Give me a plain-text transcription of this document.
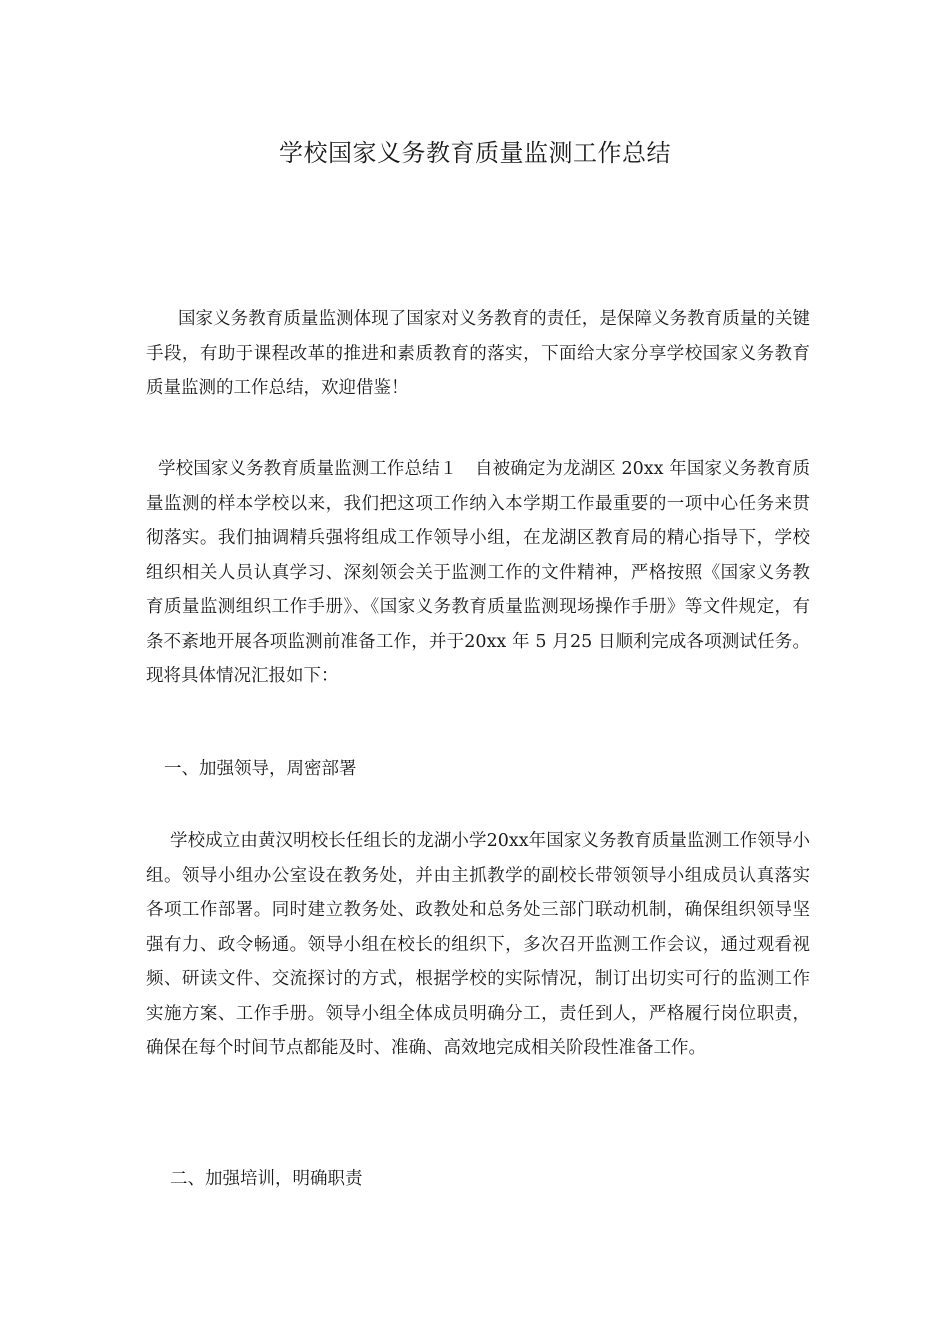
学校国家义务教育质量监测工作总结

国家义务教育质量监测体现了国家对义务教育的责任，是保障义务教育质量的关键手段，有助于课程改革的推进和素质教育的落实，下面给大家分享学校国家义务教育质量监测的工作总结，欢迎借鉴！

学校国家义务教育质量监测工作总结１　自被确定为龙湖区 20xx 年国家义务教育质量监测的样本学校以来，我们把这项工作纳入本学期工作最重要的一项中心任务来贯彻落实。我们抽调精兵强将组成工作领导小组，在龙湖区教育局的精心指导下，学校组织相关人员认真学习、深刻领会关于监测工作的文件精神，严格按照《国家义务教育质量监测组织工作手册》、《国家义务教育质量监测现场操作手册》等文件规定，有条不紊地开展各项监测前准备工作，并于20xx 年 5 月25 日顺利完成各项测试任务。现将具体情况汇报如下：

一、加强领导，周密部署

学校成立由黄汉明校长任组长的龙湖小学20xx年国家义务教育质量监测工作领导小组。领导小组办公室设在教务处，并由主抓教学的副校长带领领导小组成员认真落实各项工作部署。同时建立教务处、政教处和总务处三部门联动机制，确保组织领导坚强有力、政令畅通。领导小组在校长的组织下，多次召开监测工作会议，通过观看视频、研读文件、交流探讨的方式，根据学校的实际情况，制订出切实可行的监测工作实施方案、工作手册。领导小组全体成员明确分工，责任到人，严格履行岗位职责，确保在每个时间节点都能及时、准确、高效地完成相关阶段性准备工作。

二、加强培训，明确职责
